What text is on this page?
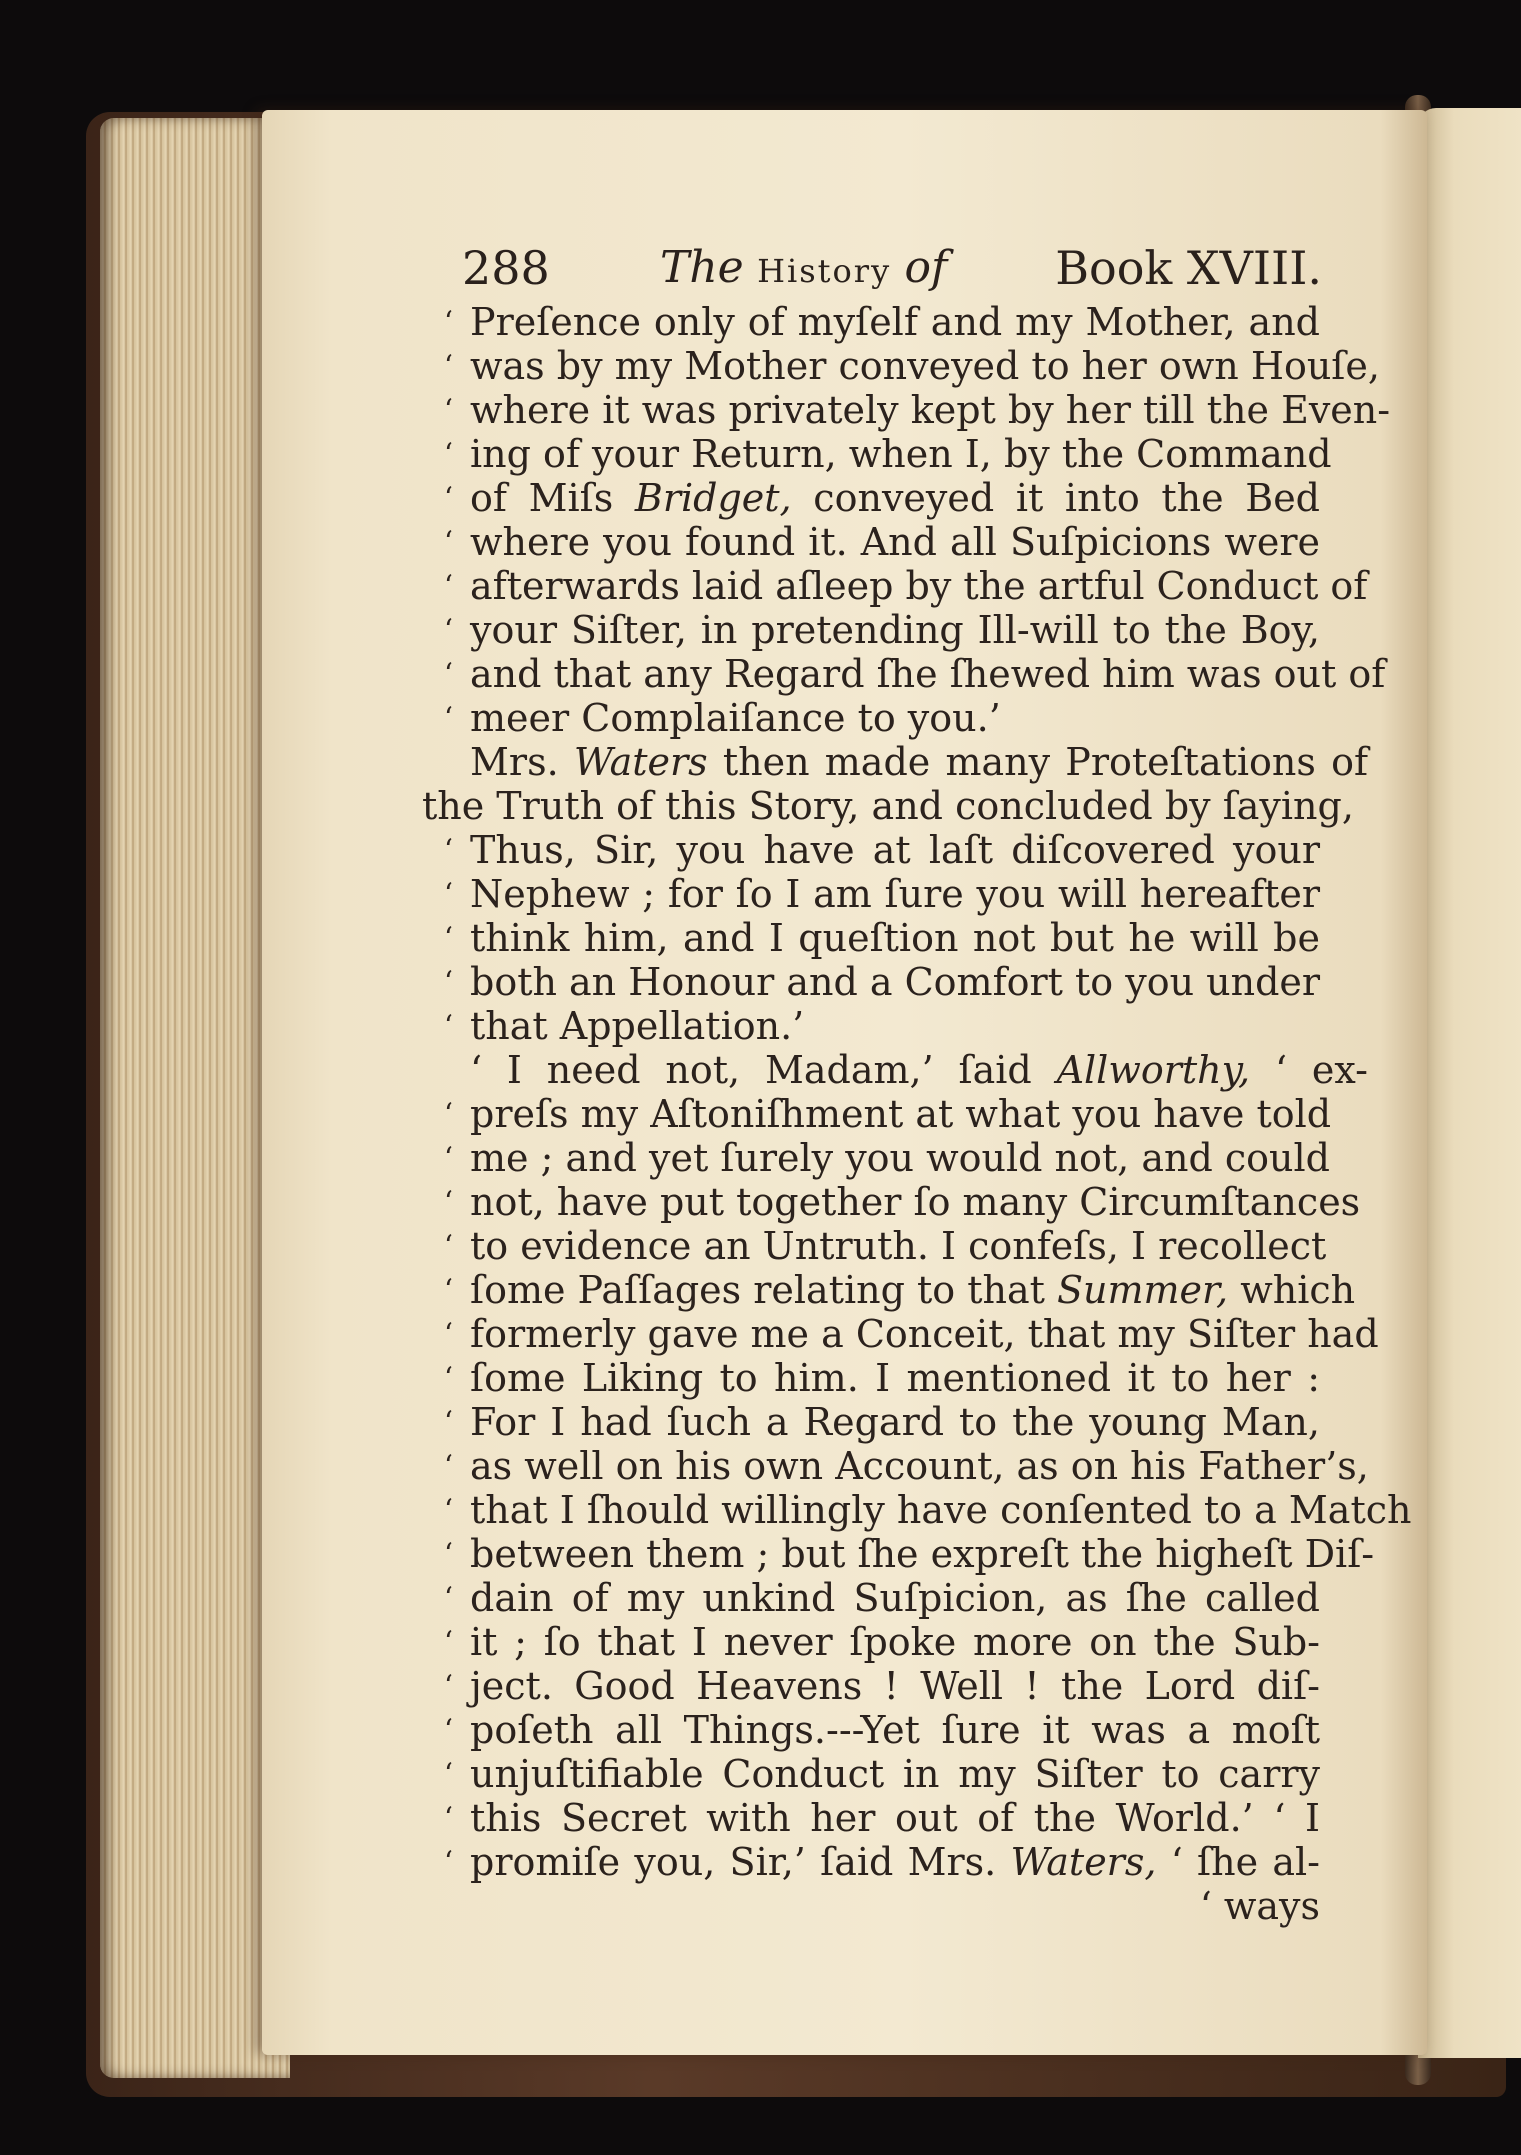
288	The History of Book XVIII.
‘ Preſence only of myſelf and my Mother, and
‘ was by my Mother conveyed to her own Houſe,
‘ where it was privately kept by her till the Even-
‘ ing of your Return, when I, by the Command
‘ of Miſs Bridget, conveyed it into the Bed
‘ where you found it. And all Suſpicions were
‘ afterwards laid aſleep by the artful Conduct of
‘ your Siſter, in pretending Ill-will to the Boy,
‘ and that any Regard ſhe ſhewed him was out of
‘ meer Complaiſance to you.’
Mrs. Waters then made many Proteſtations of
the Truth of this Story, and concluded by ſaying,
‘ Thus, Sir, you have at laſt diſcovered your
‘ Nephew ; for ſo I am ſure you will hereafter
‘ think him, and I queſtion not but he will be
‘ both an Honour and a Comfort to you under
‘ that Appellation.’
‘ I need not, Madam,’ ſaid Allworthy, ‘ ex-
‘ preſs my Aſtoniſhment at what you have told
‘ me ; and yet ſurely you would not, and could
‘ not, have put together ſo many Circumſtances
‘ to evidence an Untruth. I confeſs, I recollect
‘ ſome Paſſages relating to that Summer, which
‘ formerly gave me a Conceit, that my Siſter had
‘ ſome Liking to him. I mentioned it to her :
‘ For I had ſuch a Regard to the young Man,
‘ as well on his own Account, as on his Father’s,
‘ that I ſhould willingly have conſented to a Match
‘ between them ; but ſhe expreſt the higheſt Diſ-
‘ dain of my unkind Suſpicion, as ſhe called
‘ it ; ſo that I never ſpoke more on the Sub-
‘ ject. Good Heavens ! Well ! the Lord diſ-
‘ poſeth all Things.---Yet ſure it was a moſt
‘ unjuſtifiable Conduct in my Siſter to carry
‘ this Secret with her out of the World.’ ‘ I
‘ promiſe you, Sir,’ ſaid Mrs. Waters, ‘ ſhe al-
‘ ways
